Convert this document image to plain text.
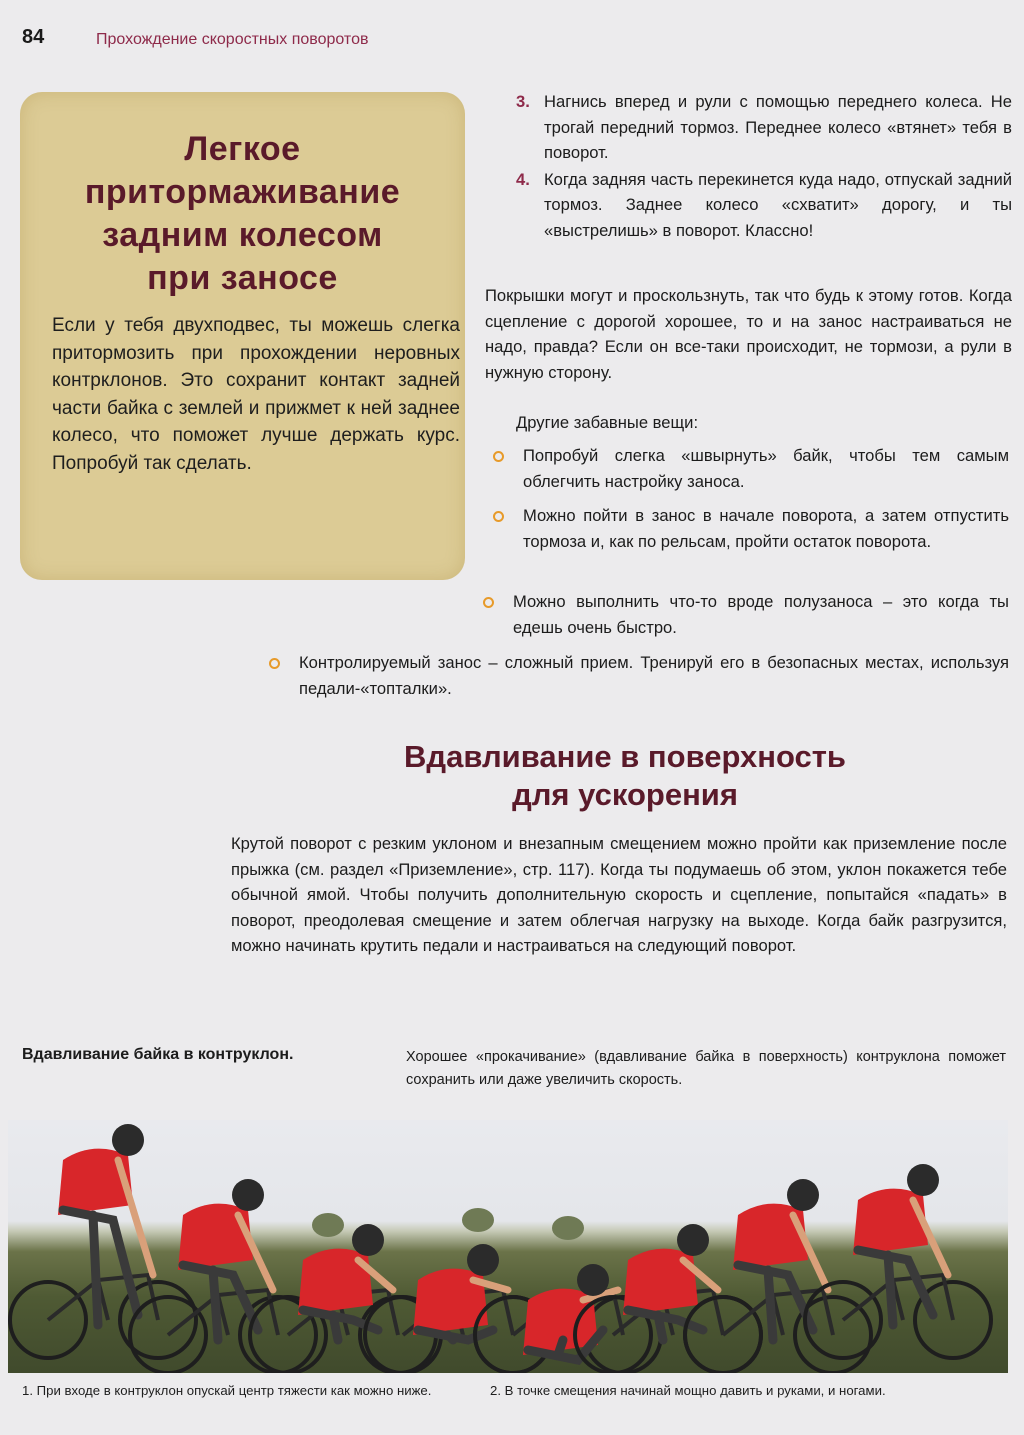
84	Прохождение скоростных поворотов
Легкое
притормаживание
задним колесом
при заносе

Если у тебя двухподвес, ты можешь слегка притормозить при прохождении неровных контрклонов. Это сохранит контакт задней части байка с землей и прижмет к ней заднее колесо, что поможет лучше держать курс. Попробуй так сделать.

3. Нагнись вперед и рули с помощью переднего колеса. Не трогай передний тормоз. Переднее колесо «втянет» тебя в поворот.
4. Когда задняя часть перекинется куда надо, отпускай задний тормоз. Заднее колесо «схватит» дорогу, и ты «выстрелишь» в поворот. Классно!

Покрышки могут и проскользнуть, так что будь к этому готов. Когда сцепление с дорогой хорошее, то и на занос настраиваться не надо, правда? Если он все-таки происходит, не тормози, а рули в нужную сторону.

Другие забавные вещи:

Попробуй слегка «швырнуть» байк, чтобы тем самым облегчить настройку заноса.

Можно пойти в занос в начале поворота, а затем отпустить тормоза и, как по рельсам, пройти остаток поворота.

Можно выполнить что-то вроде полузаноса – это когда ты едешь очень быстро.

Контролируемый занос – сложный прием. Тренируй его в безопасных местах, используя педали-«топталки».

Вдавливание в поверхность
для ускорения

Крутой поворот с резким уклоном и внезапным смещением можно пройти как приземление после прыжка (см. раздел «Приземление», стр. 117). Когда ты подумаешь об этом, уклон покажется тебе обычной ямой. Чтобы получить дополнительную скорость и сцепление, попытайся «падать» в поворот, преодолевая смещение и затем облегчая нагрузку на выходе. Когда байк разгрузится, можно начинать крутить педали и настраиваться на следующий поворот.

Вдавливание байка в контруклон.	Хорошее «прокачивание» (вдавливание байка в поверхность) контруклона поможет сохранить или даже увеличить скорость.

1. При входе в контруклон опускай центр тяжести как можно ниже.	2. В точке смещения начинай мощно давить и руками, и ногами.
